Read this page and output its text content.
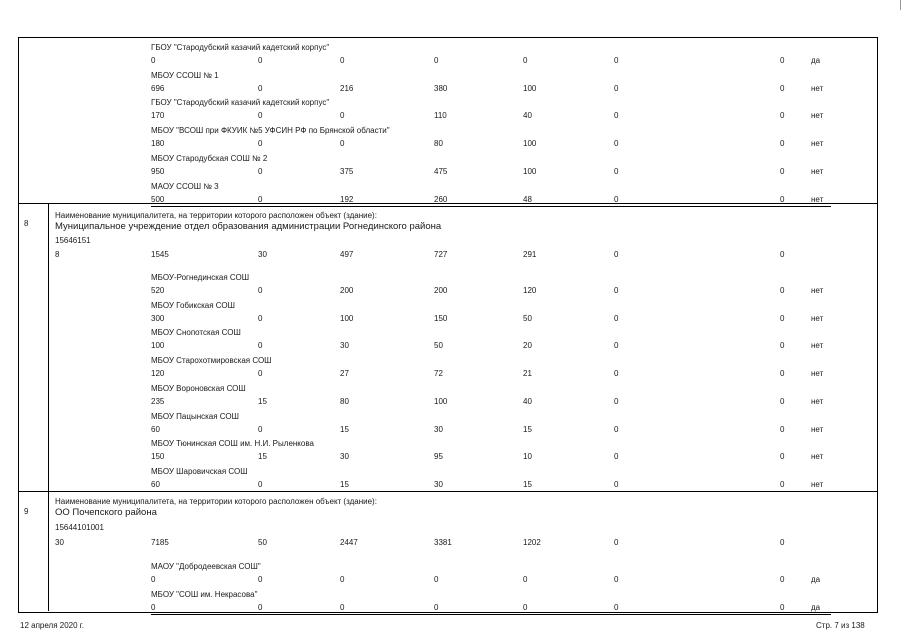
ГБОУ "Стародубский казачий кадетский корпус"
0	0	0	0	0	0	0	да
МБОУ ССОШ № 1
696	0	216	380	100	0	0	нет
ГБОУ "Стародубский казачий кадетский корпус"
170	0	0	110	40	0	0	нет
МБОУ "ВСОШ при ФКУИК №5 УФСИН РФ по Брянской области"
180	0	0	80	100	0	0	нет
МБОУ Стародубская СОШ № 2
950	0	375	475	100	0	0	нет
МАОУ ССОШ № 3
500	0	192	260	48	0	0	нет
8
Наименование муниципалитета, на территории которого расположен объект (здание):
Муниципальное учреждение отдел образования администрации Рогнединского района
15646151
8	1545	30	497	727	291	0	0
МБОУ-Рогнединская СОШ
520	0	200	200	120	0	0	нет
МБОУ Гобикская СОШ
300	0	100	150	50	0	0	нет
МБОУ Снопотская СОШ
100	0	30	50	20	0	0	нет
МБОУ Старохотмировская СОШ
120	0	27	72	21	0	0	нет
МБОУ Вороновская СОШ
235	15	80	100	40	0	0	нет
МБОУ Пацынская СОШ
60	0	15	30	15	0	0	нет
МБОУ Тюнинская СОШ им. Н.И. Рыленкова
150	15	30	95	10	0	0	нет
МБОУ Шаровичская СОШ
60	0	15	30	15	0	0	нет
9
Наименование муниципалитета, на территории которого расположен объект (здание):
ОО Почепского района
15644101001
30	7185	50	2447	3381	1202	0	0
МАОУ "Добродеевская СОШ"
0	0	0	0	0	0	0	да
МБОУ "СОШ им. Некрасова"
0	0	0	0	0	0	0	да
12 апреля 2020 г.	Стр. 7 из 138
